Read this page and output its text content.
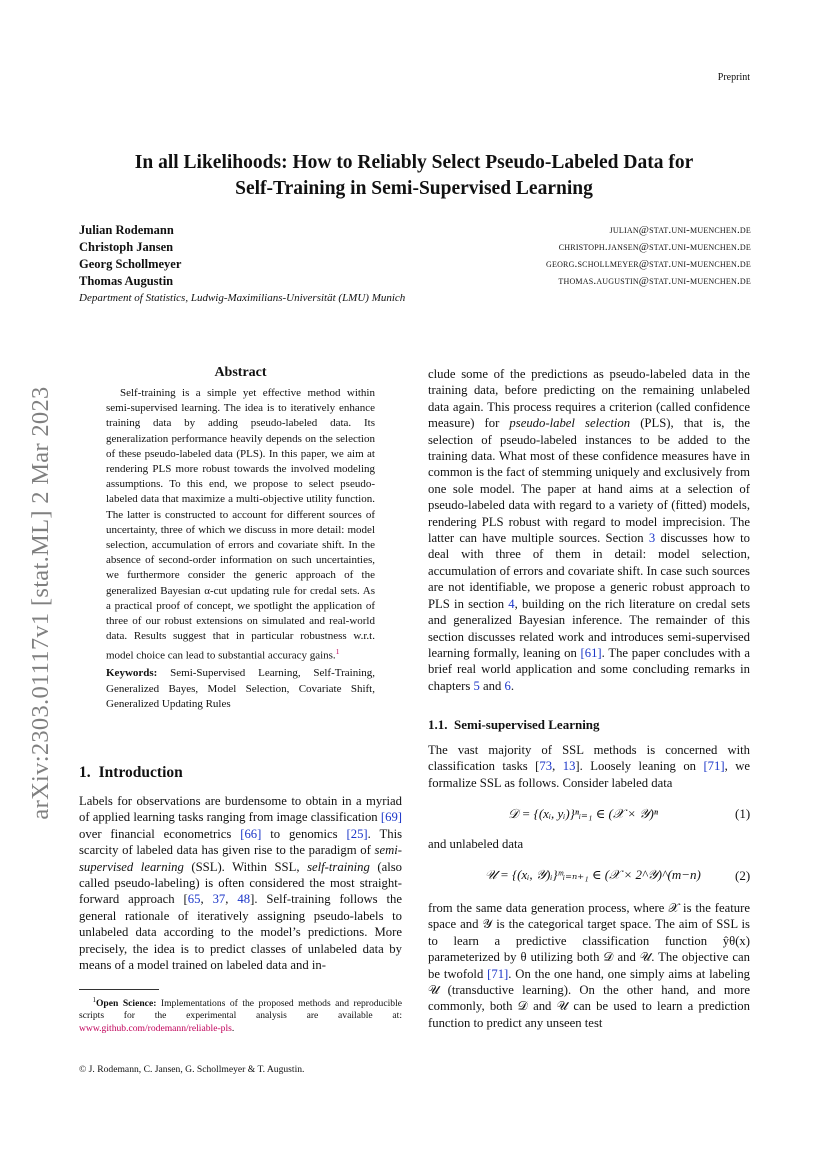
Preprint
In all Likelihoods: How to Reliably Select Pseudo-Labeled Data for
Self-Training in Semi-Supervised Learning
Julian Rodemann	julian@stat.uni-muenchen.de
Christoph Jansen	christoph.jansen@stat.uni-muenchen.de
Georg Schollmeyer	georg.schollmeyer@stat.uni-muenchen.de
Thomas Augustin	thomas.augustin@stat.uni-muenchen.de
Department of Statistics, Ludwig-Maximilians-Universität (LMU) Munich
arXiv:2303.01117v1 [stat.ML] 2 Mar 2023
Abstract

Self-training is a simple yet effective method within semi-supervised learning. The idea is to iteratively enhance training data by adding pseudo-labeled data. Its generalization performance heavily depends on the selection of these pseudo-labeled data (PLS). In this paper, we aim at rendering PLS more robust towards the involved modeling assumptions. To this end, we propose to select pseudo-labeled data that maximize a multi-objective utility function. The latter is constructed to account for different sources of uncertainty, three of which we discuss in more detail: model selection, accumulation of errors and covariate shift. In the absence of second-order information on such uncertainties, we furthermore consider the generic approach of the generalized Bayesian α-cut updating rule for credal sets. As a practical proof of concept, we spotlight the application of three of our robust extensions on simulated and real-world data. Results suggest that in particular robustness w.r.t. model choice can lead to substantial accuracy gains.$^1$

Keywords: Semi-Supervised Learning, Self-Training, Generalized Bayes, Model Selection, Covariate Shift, Generalized Updating Rules
1. Introduction
Labels for observations are burdensome to obtain in a myriad of applied learning tasks ranging from image classification [69] over financial econometrics [66] to genomics [25]. This scarcity of labeled data has given rise to the paradigm of semi-supervised learning (SSL). Within SSL, self-training (also called pseudo-labeling) is often considered the most straight-forward approach [65, 37, 48]. Self-training follows the general rationale of iteratively assigning pseudo-labels to unlabeled data according to the model’s predictions. More precisely, the idea is to predict classes of unlabeled data by means of a model trained on labeled data and in-
clude some of the predictions as pseudo-labeled data in the training data, before predicting on the remaining unlabeled data again. This process requires a criterion (called confidence measure) for pseudo-label selection (PLS), that is, the selection of pseudo-labeled instances to be added to the training data. What most of these confidence measures have in common is the fact of stemming uniquely and exclusively from one sole model. The paper at hand aims at a selection of pseudo-labeled data with regard to a variety of (fitted) models, rendering PLS robust with regard to model imprecision. The latter can have multiple sources. Section 3 discusses how to deal with three of them in detail: model selection, accumulation of errors and covariate shift. In case such sources are not identifiable, we propose a generic robust approach to PLS in section 4, building on the rich literature on credal sets and generalized Bayesian inference. The remainder of this section discusses related work and introduces semi-supervised learning formally, leaning on [61]. The paper concludes with a brief real world application and some concluding remarks in chapters 5 and 6.
1.1. Semi-supervised Learning
The vast majority of SSL methods is concerned with classification tasks [73, 13]. Loosely leaning on [71], we formalize SSL as follows. Consider labeled data
𝒟 = {(xᵢ, yᵢ)}ⁿᵢ₌₁ ∈ (𝒳 × 𝒴)ⁿ	(1)
and unlabeled data
𝒰 = {(xᵢ, 𝒴)ᵢ}ᵐᵢ₌ₙ₊₁ ∈ (𝒳 × 2^𝒴)^(m−n)	(2)
from the same data generation process, where 𝒳 is the feature space and 𝒴 is the categorical target space. The aim of SSL is to learn a predictive classification function ŷθ(x) parameterized by θ utilizing both 𝒟 and 𝒰. The objective can be twofold [71]. On the one hand, one simply aims at labeling 𝒰 (transductive learning). On the other hand, and more commonly, both 𝒟 and 𝒰 can be used to learn a prediction function to predict any unseen test
$^1$Open Science: Implementations of the proposed methods and reproducible scripts for the experimental analysis are available at: www.github.com/rodemann/reliable-pls.
© J. Rodemann, C. Jansen, G. Schollmeyer & T. Augustin.
